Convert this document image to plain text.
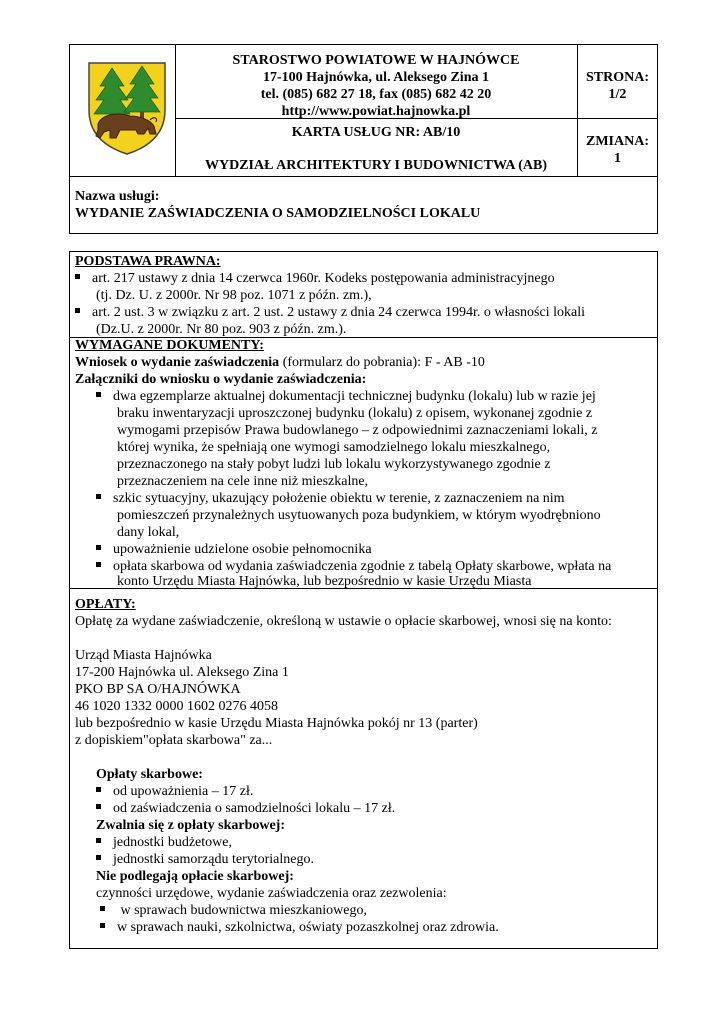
STAROSTWO POWIATOWE W HAJNÓWCE
17-100 Hajnówka, ul. Aleksego Zina 1
tel. (085) 682 27 18, fax (085) 682 42 20
http://www.powiat.hajnowka.pl
KARTA USŁUG NR: AB/10
WYDZIAŁ ARCHITEKTURY I BUDOWNICTWA (AB)
STRONA:
1/2
ZMIANA:
1
Nazwa usługi:
WYDANIE ZAŚWIADCZENIA O SAMODZIELNOŚCI LOKALU
PODSTAWA PRAWNA:
art. 217 ustawy z dnia 14 czerwca 1960r. Kodeks postępowania administracyjnego
(tj. Dz. U. z 2000r. Nr 98 poz. 1071 z późn. zm.),
art. 2 ust. 3 w związku z art. 2 ust. 2 ustawy z dnia 24 czerwca 1994r. o własności lokali
(Dz.U. z 2000r. Nr 80 poz. 903 z późn. zm.).
WYMAGANE DOKUMENTY:
Wniosek o wydanie zaświadczenia (formularz do pobrania): F - AB -10
Załączniki do wniosku o wydanie zaświadczenia:
dwa egzemplarze aktualnej dokumentacji technicznej budynku (lokalu) lub w razie jej
braku inwentaryzacji uproszczonej budynku (lokalu) z opisem, wykonanej zgodnie z
wymogami przepisów Prawa budowlanego – z odpowiednimi zaznaczeniami lokali, z
której wynika, że spełniają one wymogi samodzielnego lokalu mieszkalnego,
przeznaczonego na stały pobyt ludzi lub lokalu wykorzystywanego zgodnie z
przeznaczeniem na cele inne niż mieszkalne,
szkic sytuacyjny, ukazujący położenie obiektu w terenie, z zaznaczeniem na nim
pomieszczeń przynależnych usytuowanych poza budynkiem, w którym wyodrębniono
dany lokal,
upoważnienie udzielone osobie pełnomocnika
opłata skarbowa od wydania zaświadczenia zgodnie z tabelą Opłaty skarbowe, wpłata na
konto Urzędu Miasta Hajnówka, lub bezpośrednio w kasie Urzędu Miasta
OPŁATY:
Opłatę za wydane zaświadczenie, określoną w ustawie o opłacie skarbowej, wnosi się na konto:
Urząd Miasta Hajnówka
17-200 Hajnówka ul. Aleksego Zina 1
PKO BP SA O/HAJNÓWKA
46 1020 1332 0000 1602 0276 4058
lub bezpośrednio w kasie Urzędu Miasta Hajnówka pokój nr 13 (parter)
z dopiskiem"opłata skarbowa" za...
Opłaty skarbowe:
od upoważnienia – 17 zł.
od zaświadczenia o samodzielności lokalu – 17 zł.
Zwalnia się z opłaty skarbowej:
jednostki budżetowe,
jednostki samorządu terytorialnego.
Nie podlegają opłacie skarbowej:
czynności urzędowe, wydanie zaświadczenia oraz zezwolenia:
w sprawach budownictwa mieszkaniowego,
w sprawach nauki, szkolnictwa, oświaty pozaszkolnej oraz zdrowia.
